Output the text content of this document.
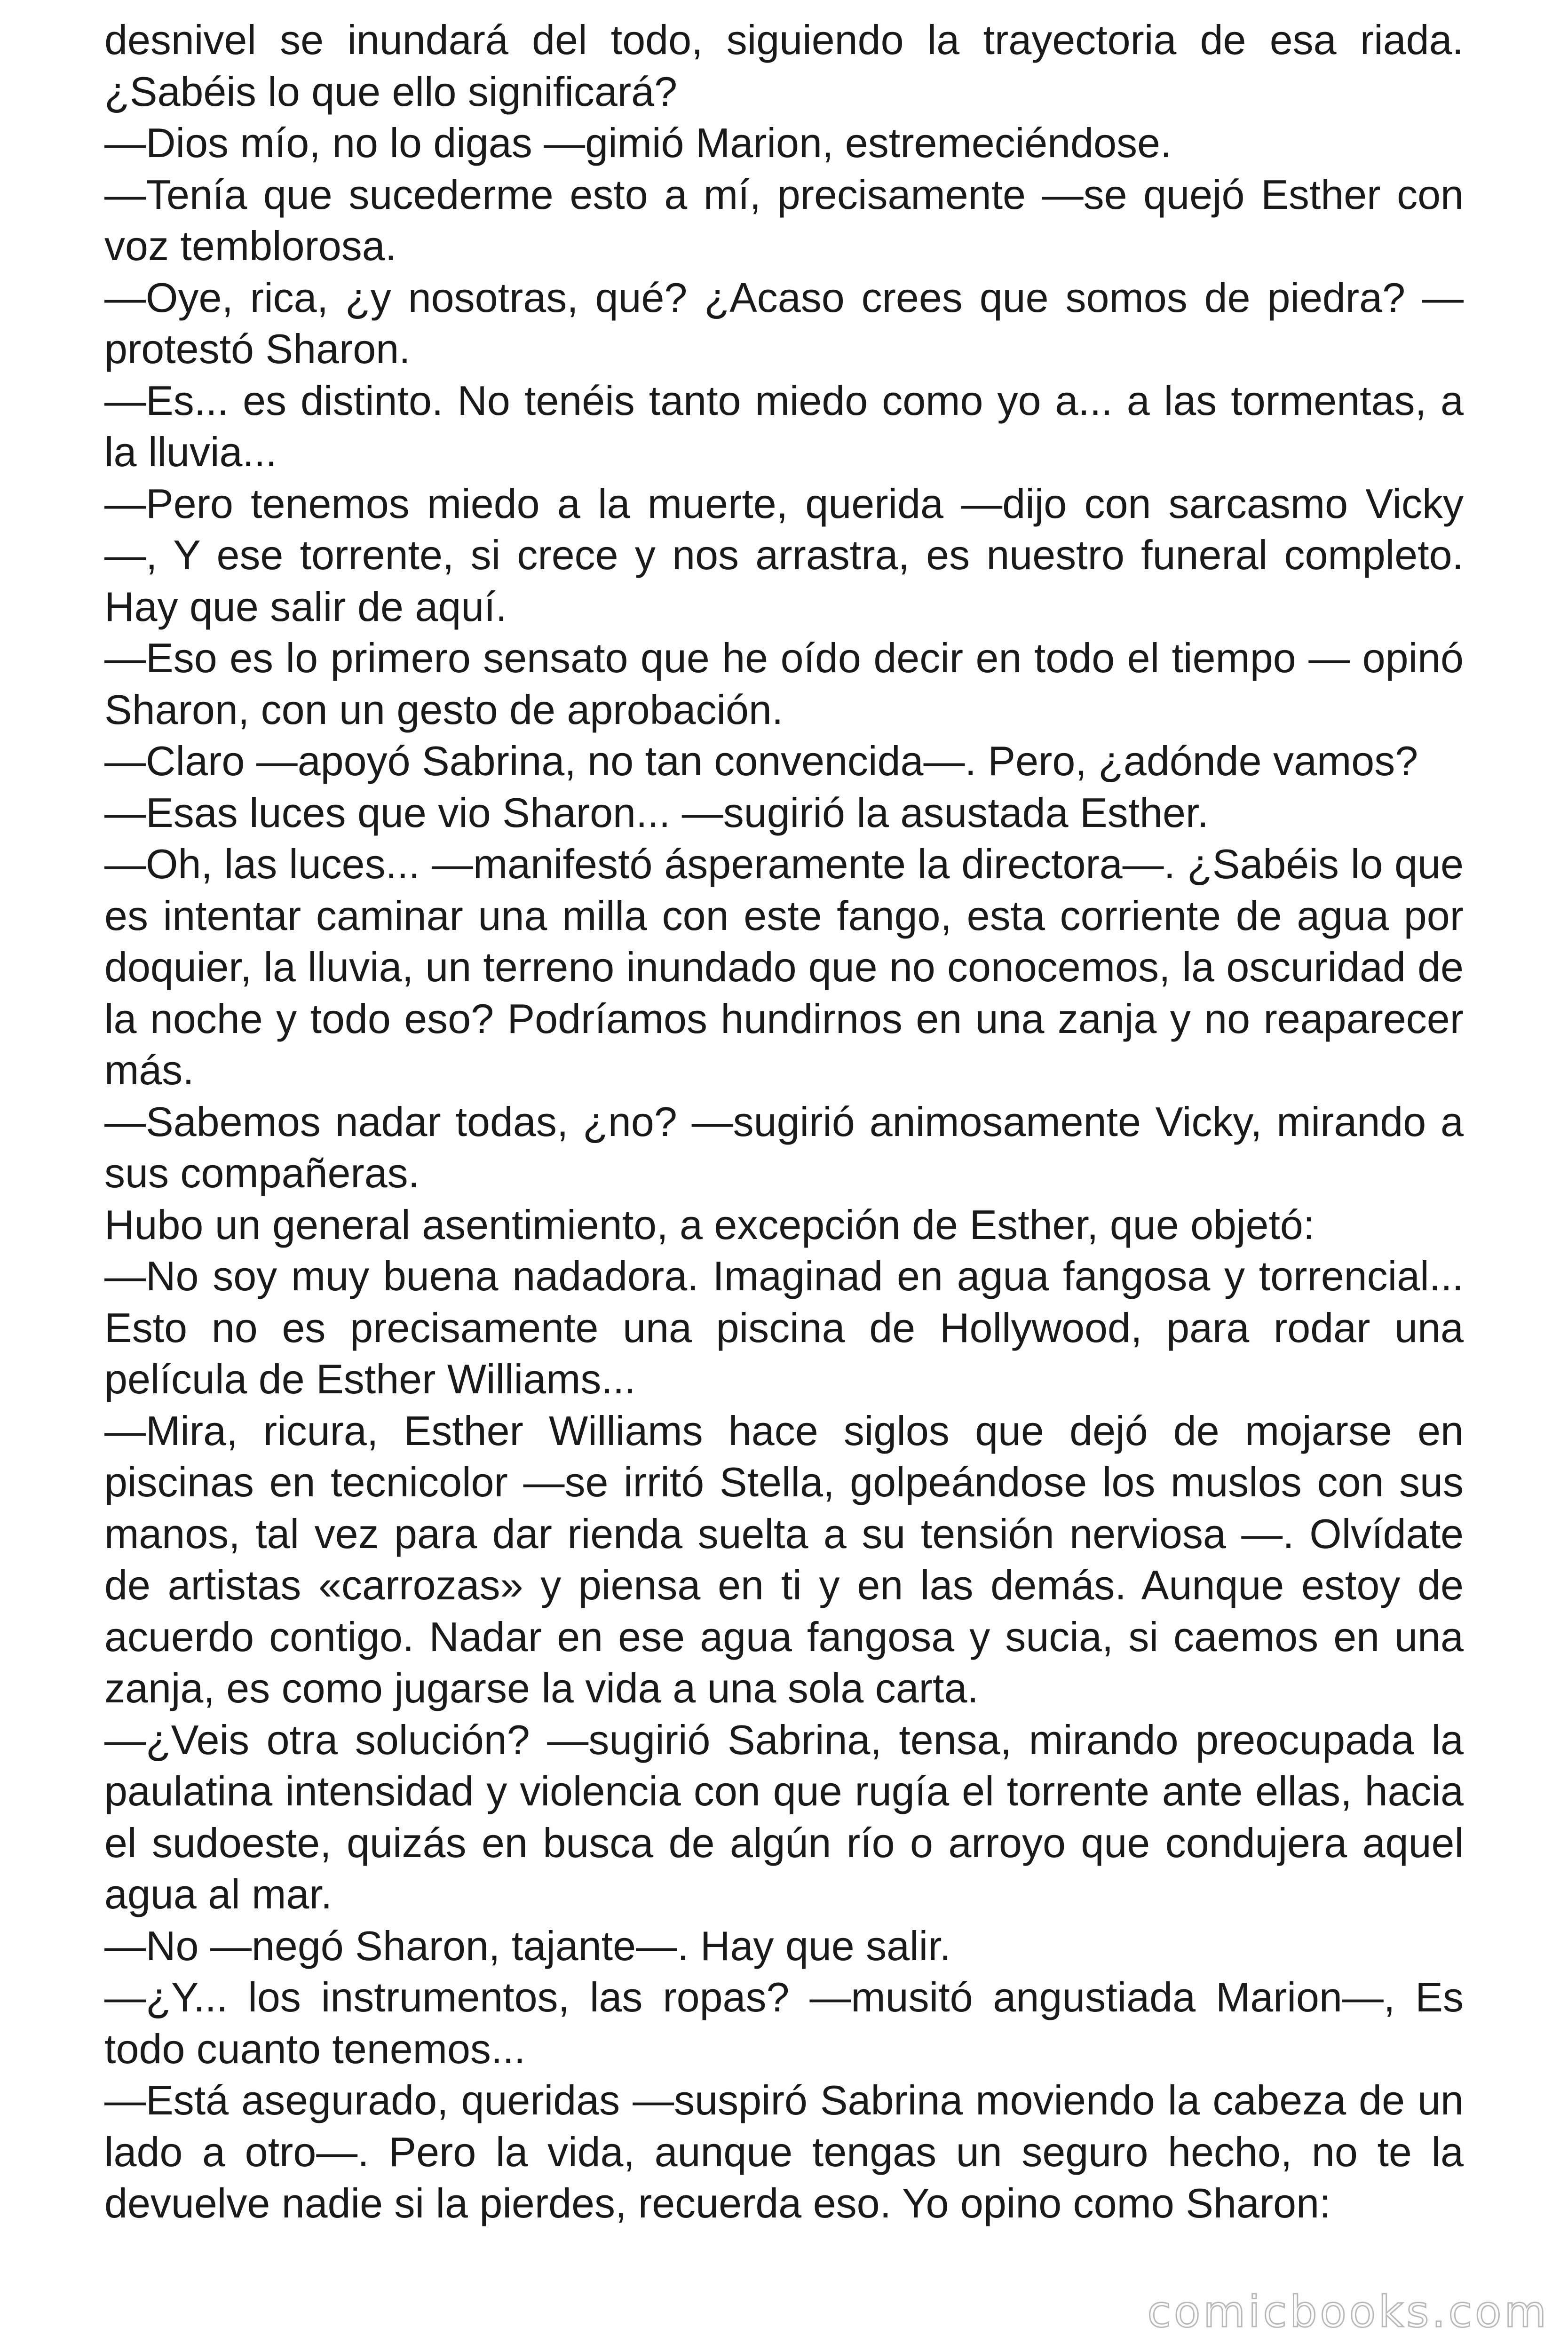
desnivel se inundará del todo, siguiendo la trayectoria de esa riada. ¿Sabéis lo que ello significará?

—Dios mío, no lo digas —gimió Marion, estremeciéndose.

—Tenía que sucederme esto a mí, precisamente —se quejó Esther con voz temblorosa.

—Oye, rica, ¿y nosotras, qué? ¿Acaso crees que somos de piedra? —protestó Sharon.

—Es... es distinto. No tenéis tanto miedo como yo a... a las tormentas, a la lluvia...

—Pero tenemos miedo a la muerte, querida —dijo con sarcasmo Vicky —, Y ese torrente, si crece y nos arrastra, es nuestro funeral completo. Hay que salir de aquí.

—Eso es lo primero sensato que he oído decir en todo el tiempo — opinó Sharon, con un gesto de aprobación.

—Claro —apoyó Sabrina, no tan convencida—. Pero, ¿adónde vamos?

—Esas luces que vio Sharon... —sugirió la asustada Esther.

—Oh, las luces... —manifestó ásperamente la directora—. ¿Sabéis lo que es intentar caminar una milla con este fango, esta corriente de agua por doquier, la lluvia, un terreno inundado que no conocemos, la oscuridad de la noche y todo eso? Podríamos hundirnos en una zanja y no reaparecer más.

—Sabemos nadar todas, ¿no? —sugirió animosamente Vicky, mirando a sus compañeras.

Hubo un general asentimiento, a excepción de Esther, que objetó:

—No soy muy buena nadadora. Imaginad en agua fangosa y torrencial... Esto no es precisamente una piscina de Hollywood, para rodar una película de Esther Williams...

—Mira, ricura, Esther Williams hace siglos que dejó de mojarse en piscinas en tecnicolor —se irritó Stella, golpeándose los muslos con sus manos, tal vez para dar rienda suelta a su tensión nerviosa —. Olvídate de artistas «carrozas» y piensa en ti y en las demás. Aunque estoy de acuerdo contigo. Nadar en ese agua fangosa y sucia, si caemos en una zanja, es como jugarse la vida a una sola carta.

—¿Veis otra solución? —sugirió Sabrina, tensa, mirando preocupada la paulatina intensidad y violencia con que rugía el torrente ante ellas, hacia el sudoeste, quizás en busca de algún río o arroyo que condujera aquel agua al mar.

—No —negó Sharon, tajante—. Hay que salir.

—¿Y... los instrumentos, las ropas? —musitó angustiada Marion—, Es todo cuanto tenemos...

—Está asegurado, queridas —suspiró Sabrina moviendo la cabeza de un lado a otro—. Pero la vida, aunque tengas un seguro hecho, no te la devuelve nadie si la pierdes, recuerda eso. Yo opino como Sharon:

comicbooks.com
